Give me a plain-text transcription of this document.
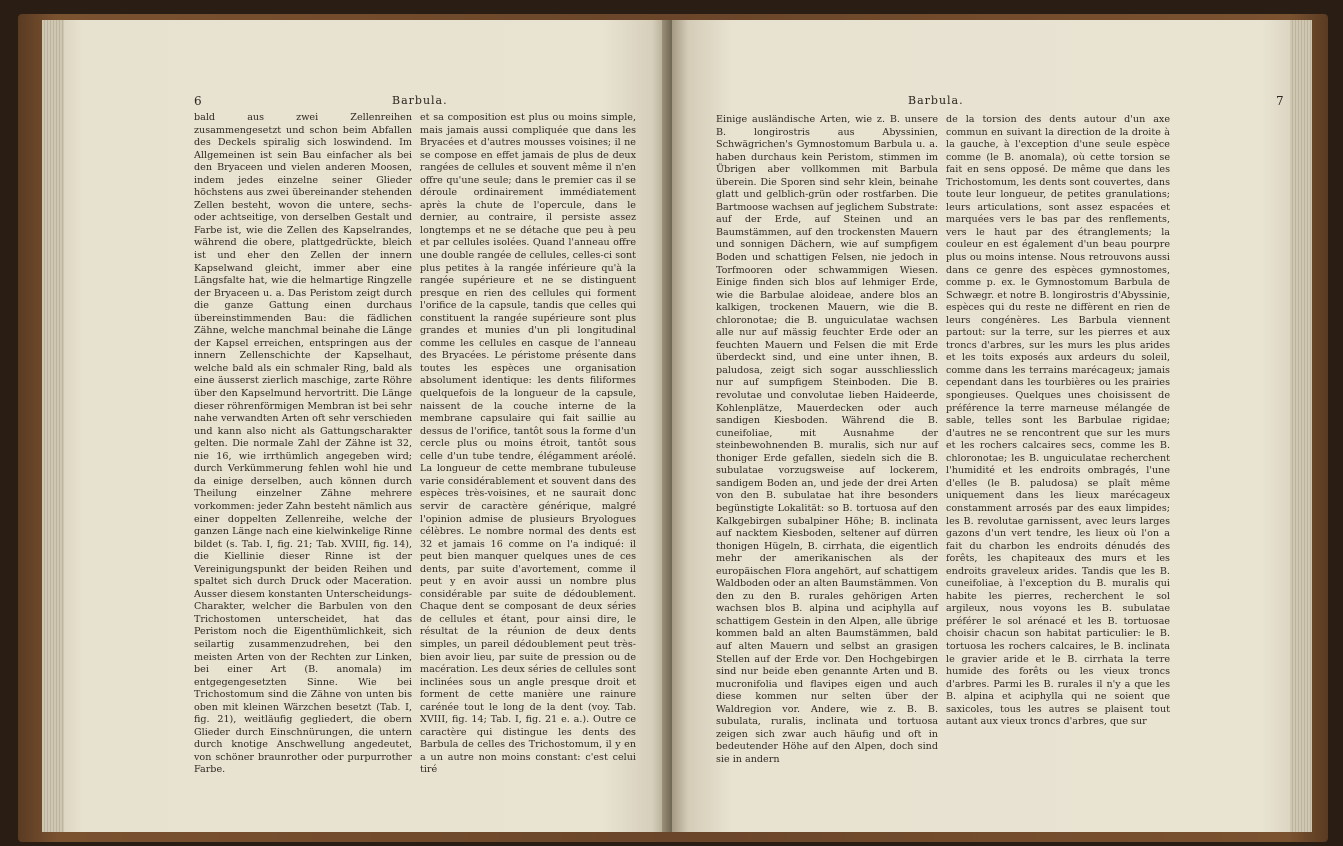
6	Barbula.

bald aus zwei Zellenreihen zusammengesetzt und schon beim Abfallen des Deckels spiralig sich loswindend. Im Allgemeinen ist sein Bau einfacher als bei den Bryaceen und vielen anderen Moosen, indem jedes einzelne seiner Glieder höchstens aus zwei übereinander stehenden Zellen besteht, wovon die untere, sechs- oder achtseitige, von derselben Gestalt und Farbe ist, wie die Zellen des Kapselrandes, während die obere, plattgedrückte, bleich ist und eher den Zellen der innern Kapselwand gleicht, immer aber eine Längsfalte hat, wie die helmartige Ringzelle der Bryaceen u. a. Das Peristom zeigt durch die ganze Gattung einen durchaus übereinstimmenden Bau: die fädlichen Zähne, welche manchmal beinahe die Länge der Kapsel erreichen, entspringen aus der innern Zellenschichte der Kapselhaut, welche bald als ein schmaler Ring, bald als eine äusserst zierlich maschige, zarte Röhre über den Kapselmund hervortritt. Die Länge dieser röhrenförmigen Membran ist bei sehr nahe verwandten Arten oft sehr verschieden und kann also nicht als Gattungscharakter gelten. Die normale Zahl der Zähne ist 32, nie 16, wie irrthümlich angegeben wird; durch Verkümmerung fehlen wohl hie und da einige derselben, auch können durch Theilung einzelner Zähne mehrere vorkommen: jeder Zahn besteht nämlich aus einer doppelten Zellenreihe, welche der ganzen Länge nach eine kielwinkelige Rinne bildet (s. Tab. I, fig. 21; Tab. XVIII, fig. 14), die Kiellinie dieser Rinne ist der Vereinigungspunkt der beiden Reihen und spaltet sich durch Druck oder Maceration. Ausser diesem konstanten Unterscheidungs-Charakter, welcher die Barbulen von den Trichostomen unterscheidet, hat das Peristom noch die Eigenthümlichkeit, sich seilartig zusammenzudrehen, bei den meisten Arten von der Rechten zur Linken, bei einer Art (B. anomala) im entgegengesetzten Sinne. Wie bei Trichostomum sind die Zähne von unten bis oben mit kleinen Wärzchen besetzt (Tab. I, fig. 21), weitläufig gegliedert, die obern Glieder durch Einschnürungen, die untern durch knotige Anschwellung angedeutet, von schöner braunrother oder purpurrother Farbe.

et sa composition est plus ou moins simple, mais jamais aussi compliquée que dans les Bryacées et d'autres mousses voisines; il ne se compose en effet jamais de plus de deux rangées de cellules et souvent même il n'en offre qu'une seule; dans le premier cas il se déroule ordinairement immédiatement après la chute de l'opercule, dans le dernier, au contraire, il persiste assez longtemps et ne se détache que peu à peu et par cellules isolées. Quand l'anneau offre une double rangée de cellules, celles-ci sont plus petites à la rangée inférieure qu'à la rangée supérieure et ne se distinguent presque en rien des cellules qui forment l'orifice de la capsule, tandis que celles qui constituent la rangée supérieure sont plus grandes et munies d'un pli longitudinal comme les cellules en casque de l'anneau des Bryacées. Le péristome présente dans toutes les espèces une organisation absolument identique: les dents filiformes quelquefois de la longueur de la capsule, naissent de la couche interne de la membrane capsulaire qui fait saillie au dessus de l'orifice, tantôt sous la forme d'un cercle plus ou moins étroit, tantôt sous celle d'un tube tendre, élégamment aréolé. La longueur de cette membrane tubuleuse varie considérablement et souvent dans des espèces très-voisines, et ne saurait donc servir de caractère générique, malgré l'opinion admise de plusieurs Bryologues célèbres. Le nombre normal des dents est 32 et jamais 16 comme on l'a indiqué: il peut bien manquer quelques unes de ces dents, par suite d'avortement, comme il peut y en avoir aussi un nombre plus considérable par suite de dédoublement. Chaque dent se composant de deux séries de cellules et étant, pour ainsi dire, le résultat de la réunion de deux dents simples, un pareil dédoublement peut très-bien avoir lieu, par suite de pression ou de macération. Les deux séries de cellules sont inclinées sous un angle presque droit et forment de cette manière une rainure carénée tout le long de la dent (voy. Tab. XVIII, fig. 14; Tab. I, fig. 21 e. a.). Outre ce caractère qui distingue les dents des Barbula de celles des Trichostomum, il y en a un autre non moins constant: c'est celui tiré

Barbula.	7

Einige ausländische Arten, wie z. B. unsere B. longirostris aus Abyssinien, Schwägrichen's Gymnostomum Barbula u. a. haben durchaus kein Peristom, stimmen im Übrigen aber vollkommen mit Barbula überein. Die Sporen sind sehr klein, beinahe glatt und gelblich-grün oder rostfarben. Die Bartmoose wachsen auf jeglichem Substrate: auf der Erde, auf Steinen und an Baumstämmen, auf den trockensten Mauern und sonnigen Dächern, wie auf sumpfigem Boden und schattigen Felsen, nie jedoch in Torfmooren oder schwammigen Wiesen. Einige finden sich blos auf lehmiger Erde, wie die Barbulae aloideae, andere blos an kalkigen, trockenen Mauern, wie die B. chloronotae; die B. unguiculatae wachsen alle nur auf mässig feuchter Erde oder an feuchten Mauern und Felsen die mit Erde überdeckt sind, und eine unter ihnen, B. paludosa, zeigt sich sogar ausschliesslich nur auf sumpfigem Steinboden. Die B. revolutae und convolutae lieben Haideerde, Kohlenplätze, Mauerdecken oder auch sandigen Kiesboden. Während die B. cuneifoliae, mit Ausnahme der steinbewohnenden B. muralis, sich nur auf thoniger Erde gefallen, siedeln sich die B. subulatae vorzugsweise auf lockerem, sandigem Boden an, und jede der drei Arten von den B. subulatae hat ihre besonders begünstigte Lokalität: so B. tortuosa auf den Kalkgebirgen subalpiner Höhe; B. inclinata auf nacktem Kiesboden, seltener auf dürren thonigen Hügeln, B. cirrhata, die eigentlich mehr der amerikanischen als der europäischen Flora angehört, auf schattigem Waldboden oder an alten Baumstämmen. Von den zu den B. rurales gehörigen Arten wachsen blos B. alpina und aciphylla auf schattigem Gestein in den Alpen, alle übrige kommen bald an alten Baumstämmen, bald auf alten Mauern und selbst an grasigen Stellen auf der Erde vor. Den Hochgebirgen sind nur beide eben genannte Arten und B. mucronifolia und flavipes eigen und auch diese kommen nur selten über der Waldregion vor. Andere, wie z. B. B. subulata, ruralis, inclinata und tortuosa zeigen sich zwar auch häufig und oft in bedeutender Höhe auf den Alpen, doch sind sie in andern

de la torsion des dents autour d'un axe commun en suivant la direction de la droite à la gauche, à l'exception d'une seule espèce comme (le B. anomala), où cette torsion se fait en sens opposé. De même que dans les Trichostomum, les dents sont couvertes, dans toute leur longueur, de petites granulations; leurs articulations, sont assez espacées et marquées vers le bas par des renflements, vers le haut par des étranglements; la couleur en est également d'un beau pourpre plus ou moins intense. Nous retrouvons aussi dans ce genre des espèces gymnostomes, comme p. ex. le Gymnostomum Barbula de Schwægr. et notre B. longirostris d'Abyssinie, espèces qui du reste ne diffèrent en rien de leurs congénères. Les Barbula viennent partout: sur la terre, sur les pierres et aux troncs d'arbres, sur les murs les plus arides et les toits exposés aux ardeurs du soleil, comme dans les terrains marécageux; jamais cependant dans les tourbières ou les prairies spongieuses. Quelques unes choisissent de préférence la terre marneuse mélangée de sable, telles sont les Barbulae rigidae; d'autres ne se rencontrent que sur les murs et les rochers calcaires secs, comme les B. chloronotae; les B. unguiculatae recherchent l'humidité et les endroits ombragés, l'une d'elles (le B. paludosa) se plaît même uniquement dans les lieux marécageux constamment arrosés par des eaux limpides; les B. revolutae garnissent, avec leurs larges gazons d'un vert tendre, les lieux où l'on a fait du charbon les endroits dénudés des forêts, les chapiteaux des murs et les endroits graveleux arides. Tandis que les B. cuneifoliae, à l'exception du B. muralis qui habite les pierres, recherchent le sol argileux, nous voyons les B. subulatae préférer le sol arénacé et les B. tortuosae choisir chacun son habitat particulier: le B. tortuosa les rochers calcaires, le B. inclinata le gravier aride et le B. cirrhata la terre humide des forêts ou les vieux troncs d'arbres. Parmi les B. rurales il n'y a que les B. alpina et aciphylla qui ne soient que saxicoles, tous les autres se plaisent tout autant aux vieux troncs d'arbres, que sur
